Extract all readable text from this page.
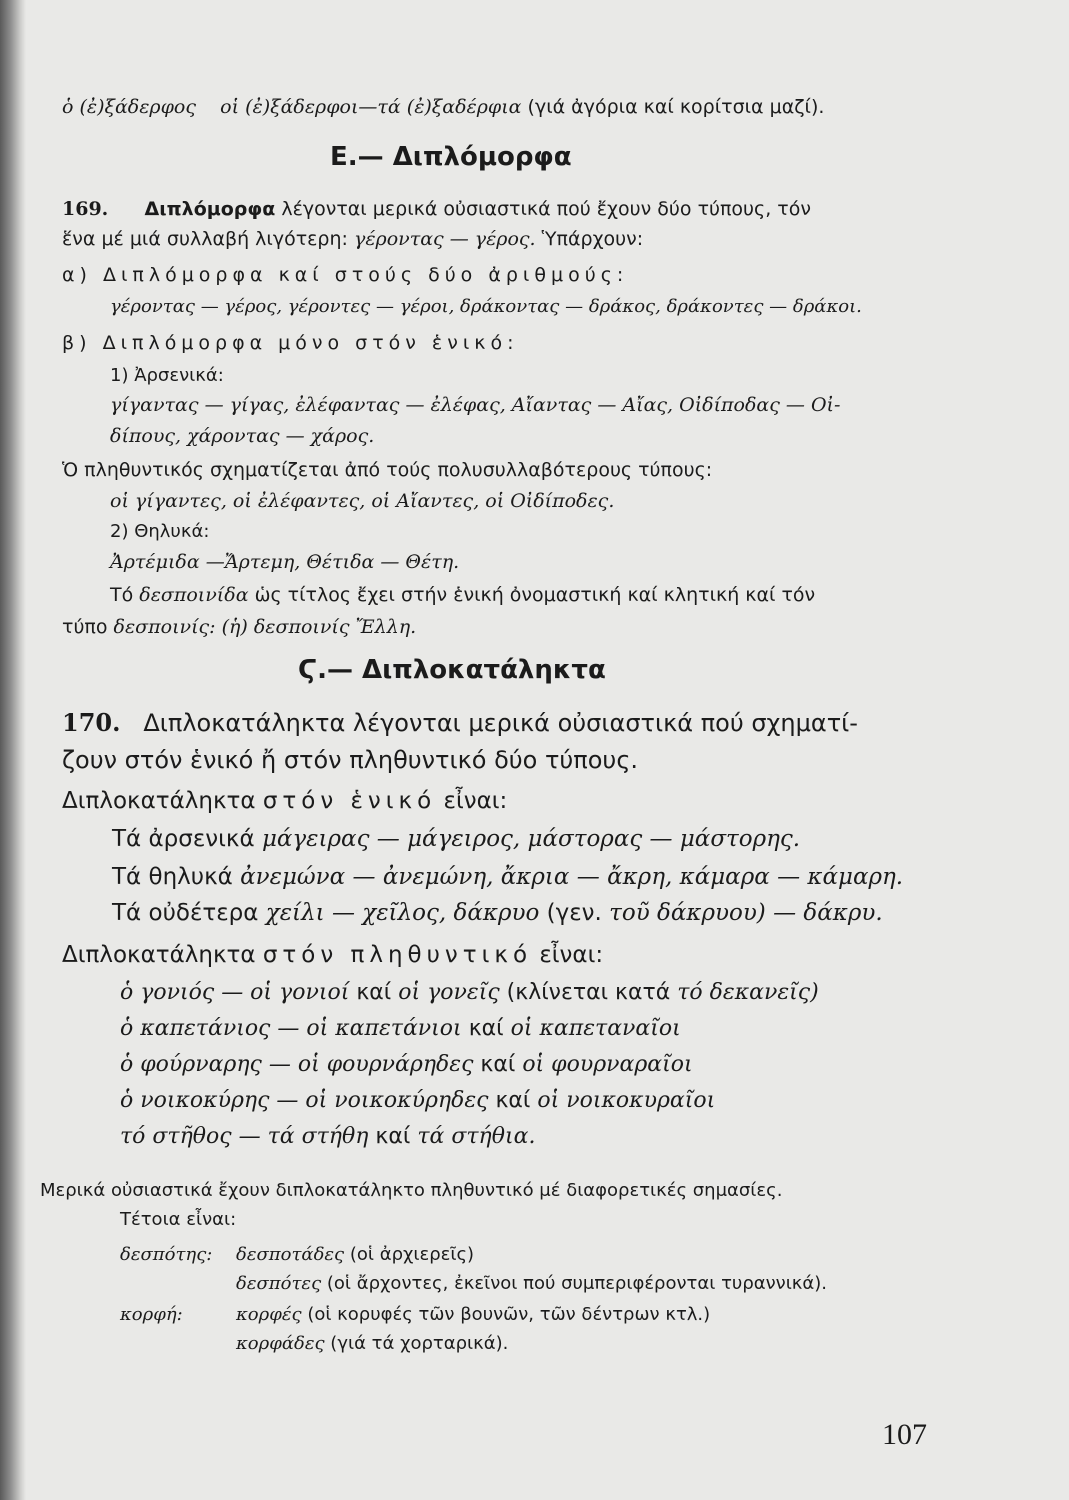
ὁ (ἐ)ξάδερφος οἱ (ἐ)ξάδερφοι—τά (ἐ)ξαδέρφια (γιά ἀγόρια καί κορίτσια μαζί).
Ε.— Διπλόμορφα
169. Διπλόμορφα λέγονται μερικά οὐσιαστικά πού ἔχουν δύο τύπους, τόν
ἕνα μέ μιά συλλαβή λιγότερη: γέροντας — γέρος. Ὑπάρχουν:
α) Διπλόμορφα καί στούς δύο ἀριθμούς:
γέροντας — γέρος, γέροντες — γέροι, δράκοντας — δράκος, δράκοντες — δράκοι.
β) Διπλόμορφα μόνο στόν ἑνικό:
1) Ἀρσενικά:
γίγαντας — γίγας, ἐλέφαντας — ἐλέφας, Αἴαντας — Αἴας, Οἰδίποδας — Οἰ-
δίπους, χάροντας — χάρος.
Ὁ πληθυντικός σχηματίζεται ἀπό τούς πολυσυλλαβότερους τύπους:
οἱ γίγαντες, οἱ ἐλέφαντες, οἱ Αἴαντες, οἱ Οἰδίποδες.
2) Θηλυκά:
Ἀρτέμιδα —Ἄρτεμη, Θέτιδα — Θέτη.
Τό δεσποινίδα ὡς τίτλος ἔχει στήν ἑνική ὀνομαστική καί κλητική καί τόν
τύπο δεσποινίς: (ἡ) δεσποινίς Ἔλλη.
Ϛ.— Διπλοκατάληκτα
170. Διπλοκατάληκτα λέγονται μερικά οὐσιαστικά πού σχηματί-
ζουν στόν ἑνικό ἤ στόν πληθυντικό δύο τύπους.
Διπλοκατάληκτα στόν ἑνικό εἶναι:
Τά ἀρσενικά μάγειρας — μάγειρος, μάστορας — μάστορης.
Τά θηλυκά ἀνεμώνα — ἀνεμώνη, ἄκρια — ἄκρη, κάμαρα — κάμαρη.
Τά οὐδέτερα χείλι — χεῖλος, δάκρυο (γεν. τοῦ δάκρυου) — δάκρυ.
Διπλοκατάληκτα στόν πληθυντικό εἶναι:
ὁ γονιός — οἱ γονιοί καί οἱ γονεῖς (κλίνεται κατά τό δεκανεῖς)
ὁ καπετάνιος — οἱ καπετάνιοι καί οἱ καπεταναῖοι
ὁ φούρναρης — οἱ φουρνάρηδες καί οἱ φουρναραῖοι
ὁ νοικοκύρης — οἱ νοικοκύρηδες καί οἱ νοικοκυραῖοι
τό στῆθος — τά στήθη καί τά στήθια.
Μερικά οὐσιαστικά ἔχουν διπλοκατάληκτο πληθυντικό μέ διαφορετικές σημασίες.
Τέτοια εἶναι:
δεσπότης: δεσποτάδες (οἱ ἀρχιερεῖς)
δεσπότες (οἱ ἄρχοντες, ἐκεῖνοι πού συμπεριφέρονται τυραννικά).
κορφή:	κορφές (οἱ κορυφές τῶν βουνῶν, τῶν δέντρων κτλ.)
κορφάδες (γιά τά χορταρικά).
107
